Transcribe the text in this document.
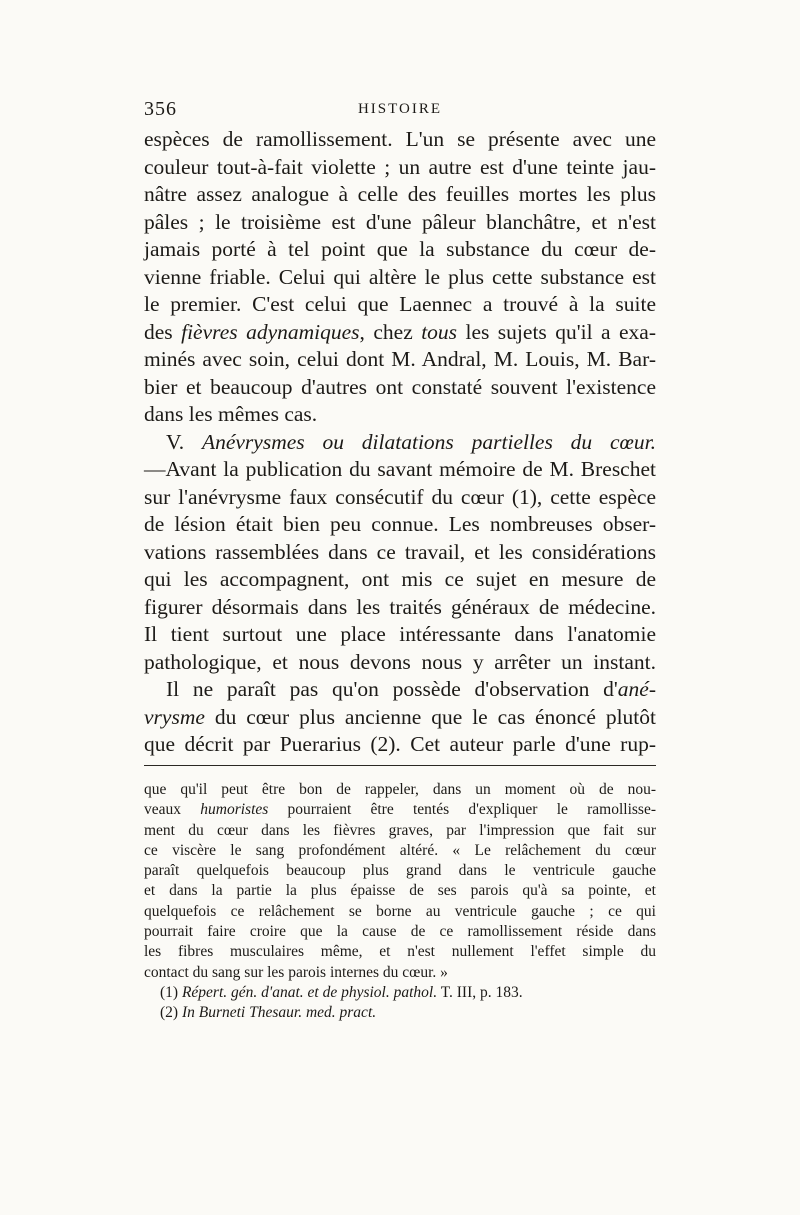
356	HISTOIRE
espèces de ramollissement. L'un se présente avec une
couleur tout-à-fait violette ; un autre est d'une teinte jau-
nâtre assez analogue à celle des feuilles mortes les plus
pâles ; le troisième est d'une pâleur blanchâtre, et n'est
jamais porté à tel point que la substance du cœur de-
vienne friable. Celui qui altère le plus cette substance est
le premier. C'est celui que Laennec a trouvé à la suite
des fièvres adynamiques, chez tous les sujets qu'il a exa-
minés avec soin, celui dont M. Andral, M. Louis, M. Bar-
bier et beaucoup d'autres ont constaté souvent l'existence
dans les mêmes cas.
V. Anévrysmes ou dilatations partielles du cœur.
—Avant la publication du savant mémoire de M. Breschet
sur l'anévrysme faux consécutif du cœur (1), cette espèce
de lésion était bien peu connue. Les nombreuses obser-
vations rassemblées dans ce travail, et les considérations
qui les accompagnent, ont mis ce sujet en mesure de
figurer désormais dans les traités généraux de médecine.
Il tient surtout une place intéressante dans l'anatomie
pathologique, et nous devons nous y arrêter un instant.
Il ne paraît pas qu'on possède d'observation d'ané-
vrysme du cœur plus ancienne que le cas énoncé plutôt
que décrit par Puerarius (2). Cet auteur parle d'une rup-
que qu'il peut être bon de rappeler, dans un moment où de nou-
veaux humoristes pourraient être tentés d'expliquer le ramollisse-
ment du cœur dans les fièvres graves, par l'impression que fait sur
ce viscère le sang profondément altéré. « Le relâchement du cœur
paraît quelquefois beaucoup plus grand dans le ventricule gauche
et dans la partie la plus épaisse de ses parois qu'à sa pointe, et
quelquefois ce relâchement se borne au ventricule gauche ; ce qui
pourrait faire croire que la cause de ce ramollissement réside dans
les fibres musculaires même, et n'est nullement l'effet simple du
contact du sang sur les parois internes du cœur. »
(1) Répert. gén. d'anat. et de physiol. pathol. T. III, p. 183.
(2) In Burneti Thesaur. med. pract.
